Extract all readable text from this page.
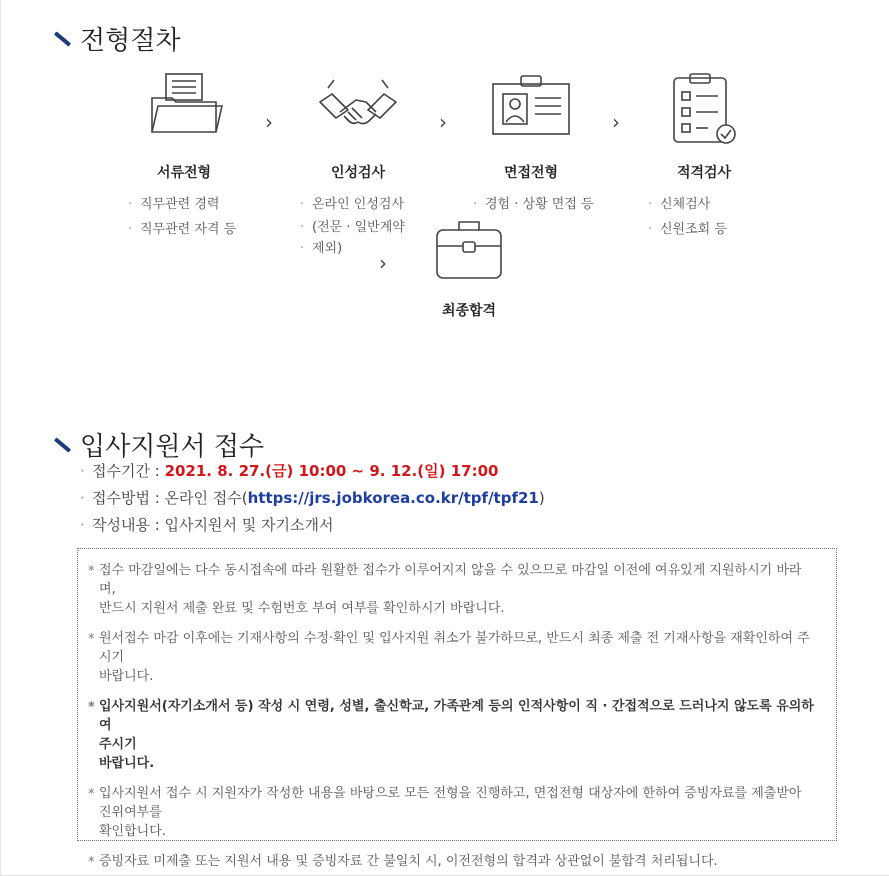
전형절차
서류전형
· 직무관련 경력
· 직무관련 자격 등
›
인성검사
· 온라인 인성검사
· (전문 · 일반계약
· 제외)
›
면접전형
· 경험 · 상황 면접 등
›
적격검사
· 신체검사
· 신원조회 등
›
최종합격
입사지원서 접수
· 접수기간 : 2021. 8. 27.(금) 10:00 ~ 9. 12.(일) 17:00
· 접수방법 : 온라인 접수(https://jrs.jobkorea.co.kr/tpf/tpf21)
· 작성내용 : 입사지원서 및 자기소개서

* 접수 마감일에는 다수 동시접속에 따라 원활한 접수가 이루어지지 않을 수 있으므로 마감일 이전에 여유있게 지원하시기 바라
며,
반드시 지원서 제출 완료 및 수험번호 부여 여부를 확인하시기 바랍니다.

* 원서접수 마감 이후에는 기재사항의 수정·확인 및 입사지원 취소가 불가하므로, 반드시 최종 제출 전 기재사항을 재확인하여 주
시기
바랍니다.

* 입사지원서(자기소개서 등) 작성 시 연령, 성별, 출신학교, 가족관계 등의 인적사항이 직 · 간접적으로 드러나지 않도록 유의하여
주시기
바랍니다.

* 입사지원서 접수 시 지원자가 작성한 내용을 바탕으로 모든 전형을 진행하고, 면접전형 대상자에 한하여 증빙자료를 제출받아
진위여부를
확인합니다.

* 증빙자료 미제출 또는 지원서 내용 및 증빙자료 간 불일치 시, 이전전형의 합격과 상관없이 불합격 처리됩니다.
